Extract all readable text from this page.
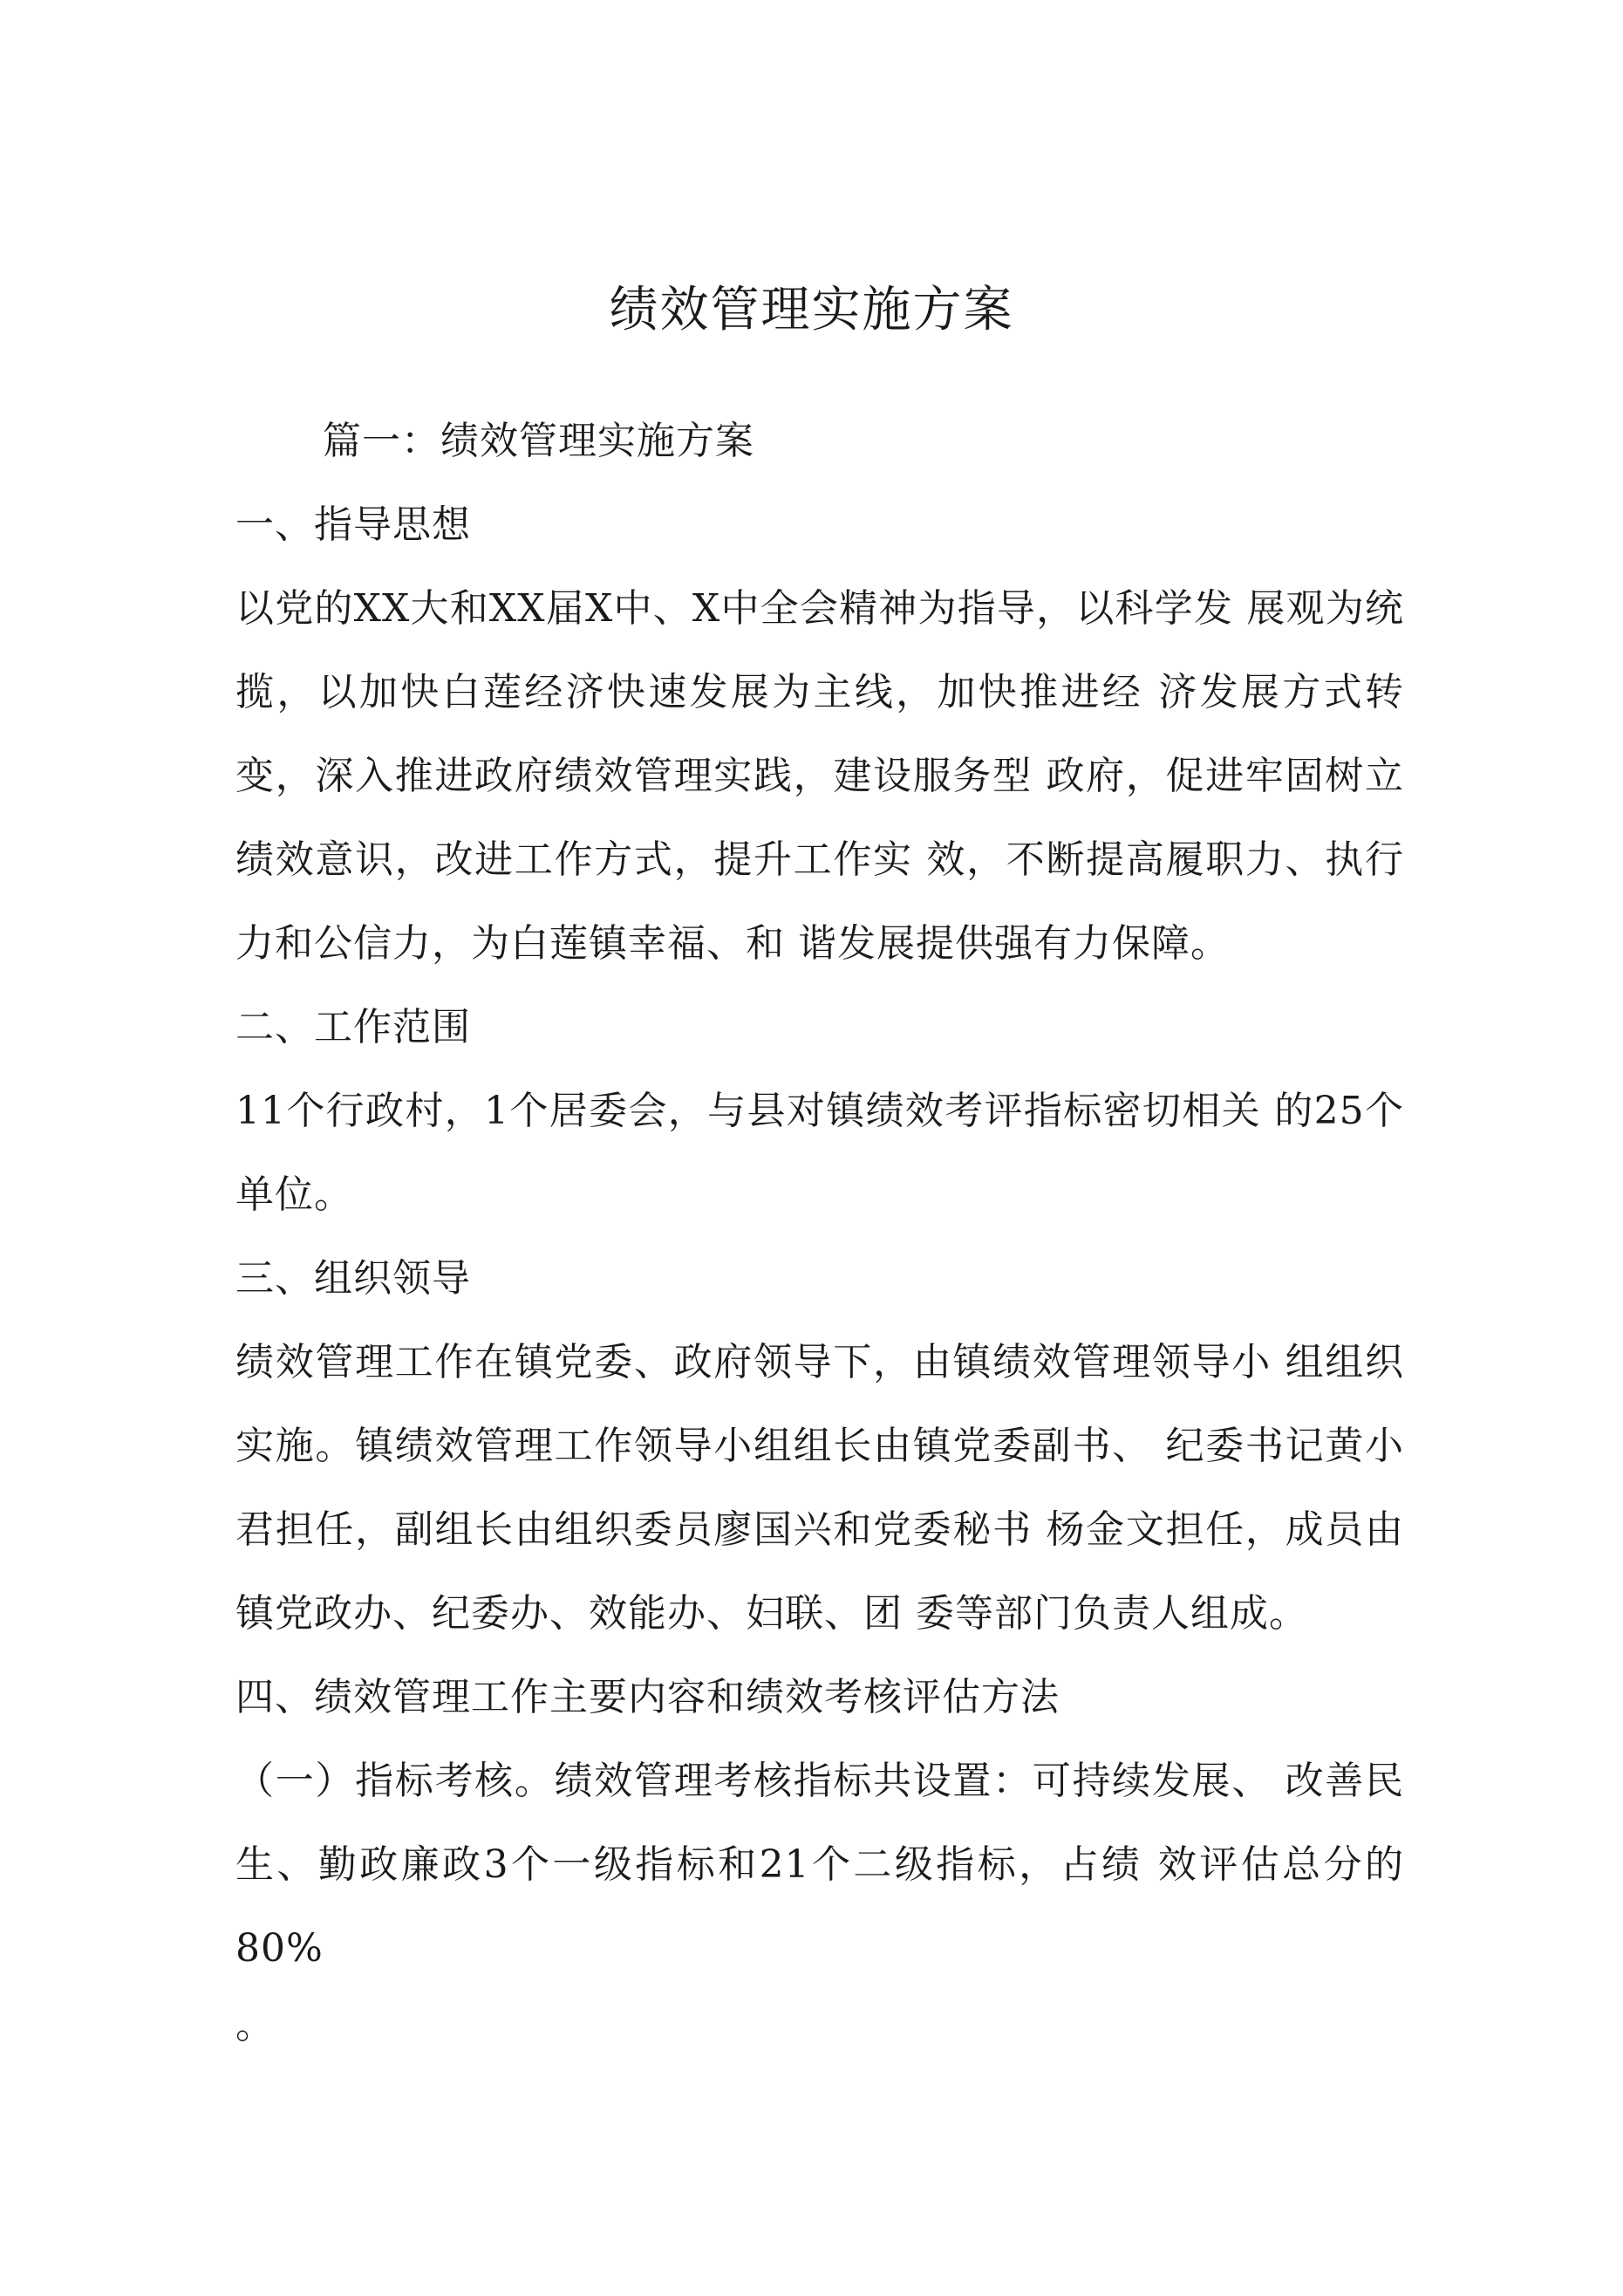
绩效管理实施方案

篇一：绩效管理实施方案

一、指导思想

以党的XX大和XX届X中、X中全会精神为指导，以科学发 展观为统揽，以加快白莲经济快速发展为主线，加快推进经 济发展方式转变，深入推进政府绩效管理实践，建设服务型 政府，促进牢固树立绩效意识，改进工作方式，提升工作实 效，不断提高履职力、执行力和公信力，为白莲镇幸福、和 谐发展提供强有力保障。

二、工作范围

11个行政村，1个居委会，与县对镇绩效考评指标密切相关 的25个单位。

三、组织领导

绩效管理工作在镇党委、政府领导下，由镇绩效管理领导小 组组织实施。镇绩效管理工作领导小组组长由镇党委副书、 纪委书记黄小君担任，副组长由组织委员廖国兴和党委秘书 杨金文担任，成员由镇党政办、纪委办、效能办、妇联、团 委等部门负责人组成。

四、绩效管理工作主要内容和绩效考核评估方法

（一）指标考核。绩效管理考核指标共设置：可持续发展、 改善民生、勤政廉政3个一级指标和21个二级指标，占绩 效评估总分的80%

。
